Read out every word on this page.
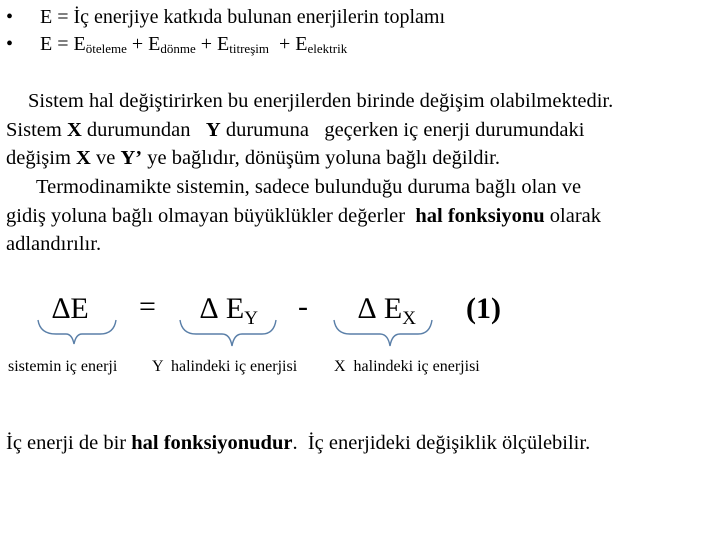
• E = İç enerjiye katkıda bulunan enerjilerin toplamı
• $E = E_{öteleme} + E_{dönme} + E_{titreşim} + E_{elektrik}$
Sistem hal değiştirirken bu enerjilerden birinde değişim olabilmektedir.
Sistem X durumundan   Y durumuna   geçerken iç enerji durumundaki
değişim X ve Y’ ye bağlıdır, dönüşüm yoluna bağlı değildir.
Termodinamikte sistemin, sadece bulunduğu duruma bağlı olan ve
gidiş yoluna bağlı olmayan büyüklükler değerler  hal fonksiyonu olarak
adlandırılır.
∆E = ∆ $E_Y$ - ∆ $E_X$ (1)
sistemin iç enerji Y  halindeki iç enerjisi X  halindeki iç enerjisi
İç enerji de bir hal fonksiyonudur.  İç enerjideki değişiklik ölçülebilir.
